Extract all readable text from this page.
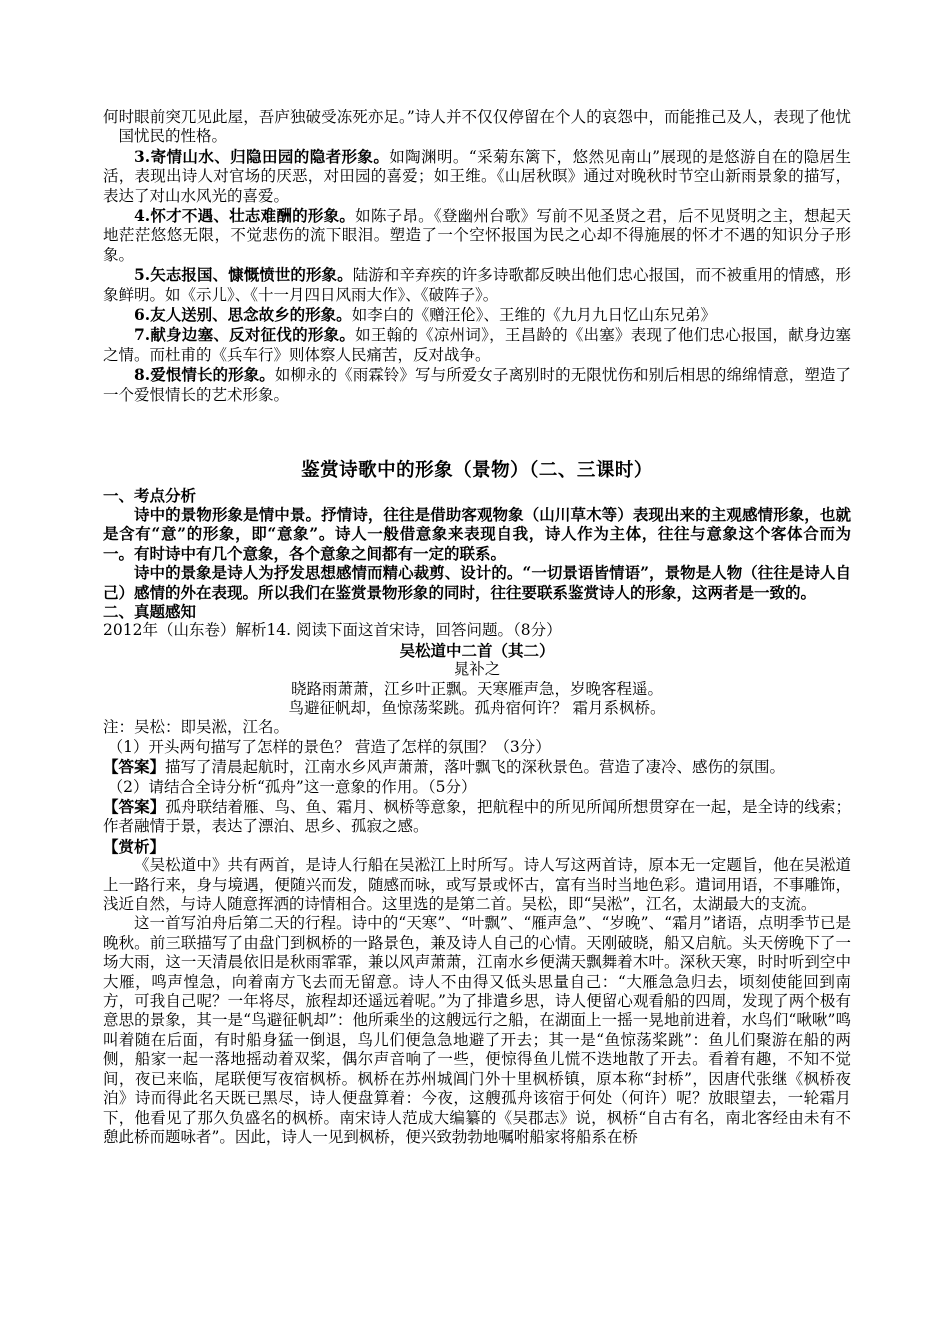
何时眼前突兀见此屋，吾庐独破受冻死亦足。”诗人并不仅仅停留在个人的哀怨中，而能推己及人，表现了他忧国忧民的性格。

3.寄情山水、归隐田园的隐者形象。如陶渊明。“采菊东篱下，悠然见南山”展现的是悠游自在的隐居生活，表现出诗人对官场的厌恶，对田园的喜爱；如王维。《山居秋暝》通过对晚秋时节空山新雨景象的描写，表达了对山水风光的喜爱。

4.怀才不遇、壮志难酬的形象。如陈子昂。《登幽州台歌》写前不见圣贤之君，后不见贤明之主，想起天地茫茫悠悠无限，不觉悲伤的流下眼泪。塑造了一个空怀报国为民之心却不得施展的怀才不遇的知识分子形象。

5.矢志报国、慷慨愤世的形象。陆游和辛弃疾的许多诗歌都反映出他们忠心报国，而不被重用的情感，形象鲜明。如《示儿》、《十一月四日风雨大作》、《破阵子》。

6.友人送别、思念故乡的形象。如李白的《赠汪伦》、王维的《九月九日忆山东兄弟》

7.献身边塞、反对征伐的形象。如王翰的《凉州词》，王昌龄的《出塞》表现了他们忠心报国，献身边塞之情。而杜甫的《兵车行》则体察人民痛苦，反对战争。

8.爱恨情长的形象。如柳永的《雨霖铃》写与所爱女子离别时的无限忧伤和别后相思的绵绵情意，塑造了一个爱恨情长的艺术形象。

鉴赏诗歌中的形象（景物）（二、三课时）

一、考点分析

诗中的景物形象是情中景。抒情诗，往往是借助客观物象（山川草木等）表现出来的主观感情形象，也就是含有“意”的形象，即“意象”。诗人一般借意象来表现自我，诗人作为主体，往往与意象这个客体合而为一。有时诗中有几个意象，各个意象之间都有一定的联系。

诗中的景象是诗人为抒发思想感情而精心裁剪、设计的。“一切景语皆情语”，景物是人物（往往是诗人自己）感情的外在表现。所以我们在鉴赏景物形象的同时，往往要联系鉴赏诗人的形象，这两者是一致的。

二、真题感知

2012年（山东卷）解析14. 阅读下面这首宋诗，回答问题。（8分）

吴松道中二首（其二）

晁补之

晓路雨萧萧，江乡叶正飘。天寒雁声急，岁晚客程遥。

鸟避征帆却，鱼惊荡桨跳。孤舟宿何许？ 霜月系枫桥。

注：吴松：即吴淞，江名。

（1）开头两句描写了怎样的景色？ 营造了怎样的氛围？（3分）

【答案】描写了清晨起航时，江南水乡风声萧萧，落叶飘飞的深秋景色。营造了凄冷、感伤的氛围。

（2）请结合全诗分析“孤舟”这一意象的作用。（5分）

【答案】孤舟联结着雁、鸟、鱼、霜月、枫桥等意象，把航程中的所见所闻所想贯穿在一起，是全诗的线索；作者融情于景，表达了漂泊、思乡、孤寂之感。

【赏析】

《吴松道中》共有两首，是诗人行船在吴淞江上时所写。诗人写这两首诗，原本无一定题旨，他在吴淞道上一路行来，身与境遇，便随兴而发，随感而咏，或写景或怀古，富有当时当地色彩。遣词用语，不事雕饰，浅近自然，与诗人随意挥洒的诗情相合。这里选的是第二首。吴松，即“吴淞”，江名，太湖最大的支流。

这一首写泊舟后第二天的行程。诗中的“天寒”、“叶飘”、“雁声急”、“岁晚”、“霜月”诸语，点明季节已是晚秋。前三联描写了由盘门到枫桥的一路景色，兼及诗人自己的心情。天刚破晓，船又启航。头天傍晚下了一场大雨，这一天清晨依旧是秋雨霏霏，兼以风声萧萧，江南水乡便满天飘舞着木叶。深秋天寒，时时听到空中大雁，鸣声惶急，向着南方飞去而无留意。诗人不由得又低头思量自己：“大雁急急归去，顷刻使能回到南方，可我自己呢？一年将尽，旅程却还遥远着呢。”为了排遣乡思，诗人便留心观看船的四周，发现了两个极有意思的景象，其一是“鸟避征帆却”：他所乘坐的这艘远行之船，在湖面上一摇一晃地前进着，水鸟们“啾啾”鸣叫着随在后面，有时船身猛一倒退，鸟儿们便急急地避了开去；其一是“鱼惊荡桨跳”：鱼儿们聚游在船的两侧，船家一起一落地摇动着双桨，偶尔声音响了一些，便惊得鱼儿慌不迭地散了开去。看着有趣，不知不觉间，夜已来临，尾联便写夜宿枫桥。枫桥在苏州城阊门外十里枫桥镇，原本称“封桥”，因唐代张继《枫桥夜泊》诗而得此名天既已黑尽，诗人便盘算着：今夜，这艘孤舟该宿于何处（何许）呢？放眼望去，一轮霜月下，他看见了那久负盛名的枫桥。南宋诗人范成大编纂的《吴郡志》说，枫桥“自古有名，南北客经由未有不憩此桥而题咏者”。因此，诗人一见到枫桥，便兴致勃勃地嘱咐船家将船系在桥
